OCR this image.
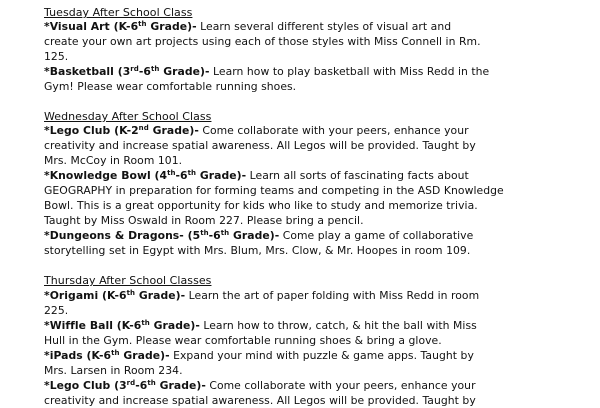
Tuesday After School Class
*Visual Art (K-6th Grade)- Learn several different styles of visual art and
create your own art projects using each of those styles with Miss Connell in Rm.
125.
*Basketball (3rd-6th Grade)- Learn how to play basketball with Miss Redd in the
Gym! Please wear comfortable running shoes.
Wednesday After School Class
*Lego Club (K-2nd Grade)- Come collaborate with your peers, enhance your
creativity and increase spatial awareness. All Legos will be provided. Taught by
Mrs. McCoy in Room 101.
*Knowledge Bowl (4th-6th Grade)- Learn all sorts of fascinating facts about
GEOGRAPHY in preparation for forming teams and competing in the ASD Knowledge
Bowl. This is a great opportunity for kids who like to study and memorize trivia.
Taught by Miss Oswald in Room 227. Please bring a pencil.
*Dungeons & Dragons- (5th-6th Grade)- Come play a game of collaborative
storytelling set in Egypt with Mrs. Blum, Mrs. Clow, & Mr. Hoopes in room 109.
Thursday After School Classes
*Origami (K-6th Grade)- Learn the art of paper folding with Miss Redd in room
225.
*Wiffle Ball (K-6th Grade)- Learn how to throw, catch, & hit the ball with Miss
Hull in the Gym. Please wear comfortable running shoes & bring a glove.
*iPads (K-6th Grade)- Expand your mind with puzzle & game apps. Taught by
Mrs. Larsen in Room 234.
*Lego Club (3rd-6th Grade)- Come collaborate with your peers, enhance your
creativity and increase spatial awareness. All Legos will be provided. Taught by
